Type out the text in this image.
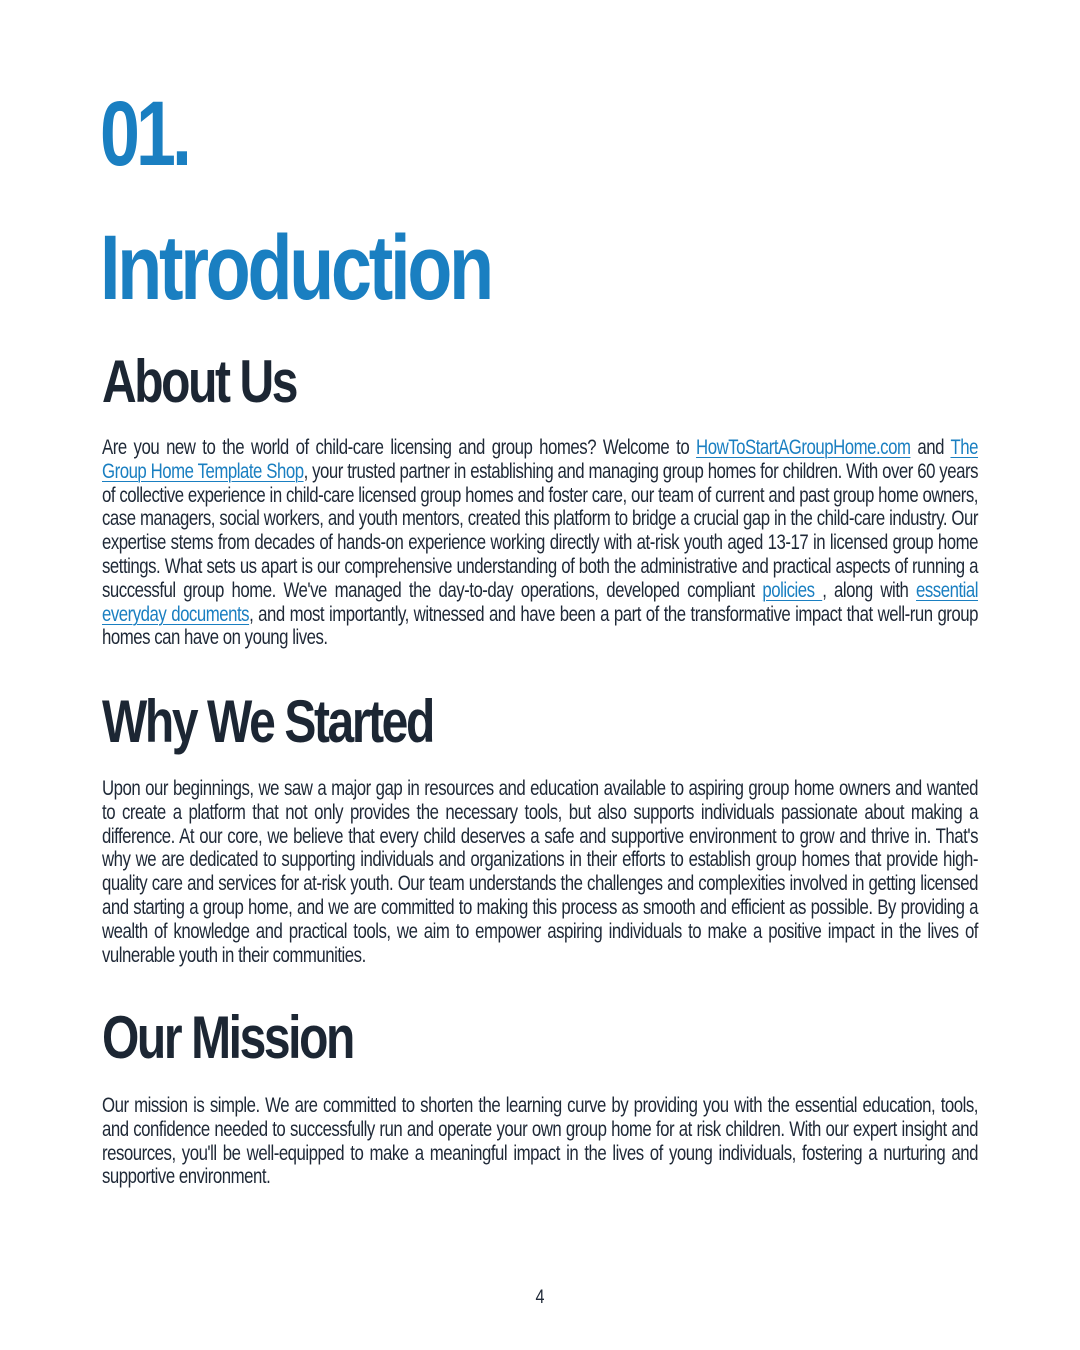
01.
Introduction
About Us

Are you new to the world of child-care licensing and group homes? Welcome to HowToStartAGroupHome.com and The Group Home Template Shop, your trusted partner in establishing and managing group homes for children. With over 60 years of collective experience in child-care licensed group homes and foster care, our team of current and past group home owners, case managers, social workers, and youth mentors, created this platform to bridge a crucial gap in the child-care industry. Our expertise stems from decades of hands-on experience working directly with at-risk youth aged 13-17 in licensed group home settings. What sets us apart is our comprehensive understanding of both the administrative and practical aspects of running a successful group home. We've managed the day-to-day operations, developed compliant policies , along with essential everyday documents, and most importantly, witnessed and have been a part of the transformative impact that well-run group homes can have on young lives.

Why We Started

Upon our beginnings, we saw a major gap in resources and education available to aspiring group home owners and wanted to create a platform that not only provides the necessary tools, but also supports individuals passionate about making a difference. At our core, we believe that every child deserves a safe and supportive environment to grow and thrive in. That's why we are dedicated to supporting individuals and organizations in their efforts to establish group homes that provide high-quality care and services for at-risk youth. Our team understands the challenges and complexities involved in getting licensed and starting a group home, and we are committed to making this process as smooth and efficient as possible. By providing a wealth of knowledge and practical tools, we aim to empower aspiring individuals to make a positive impact in the lives of vulnerable youth in their communities.

Our Mission

Our mission is simple. We are committed to shorten the learning curve by providing you with the essential education, tools, and confidence needed to successfully run and operate your own group home for at risk children. With our expert insight and resources, you'll be well-equipped to make a meaningful impact in the lives of young individuals, fostering a nurturing and supportive environment.

4
